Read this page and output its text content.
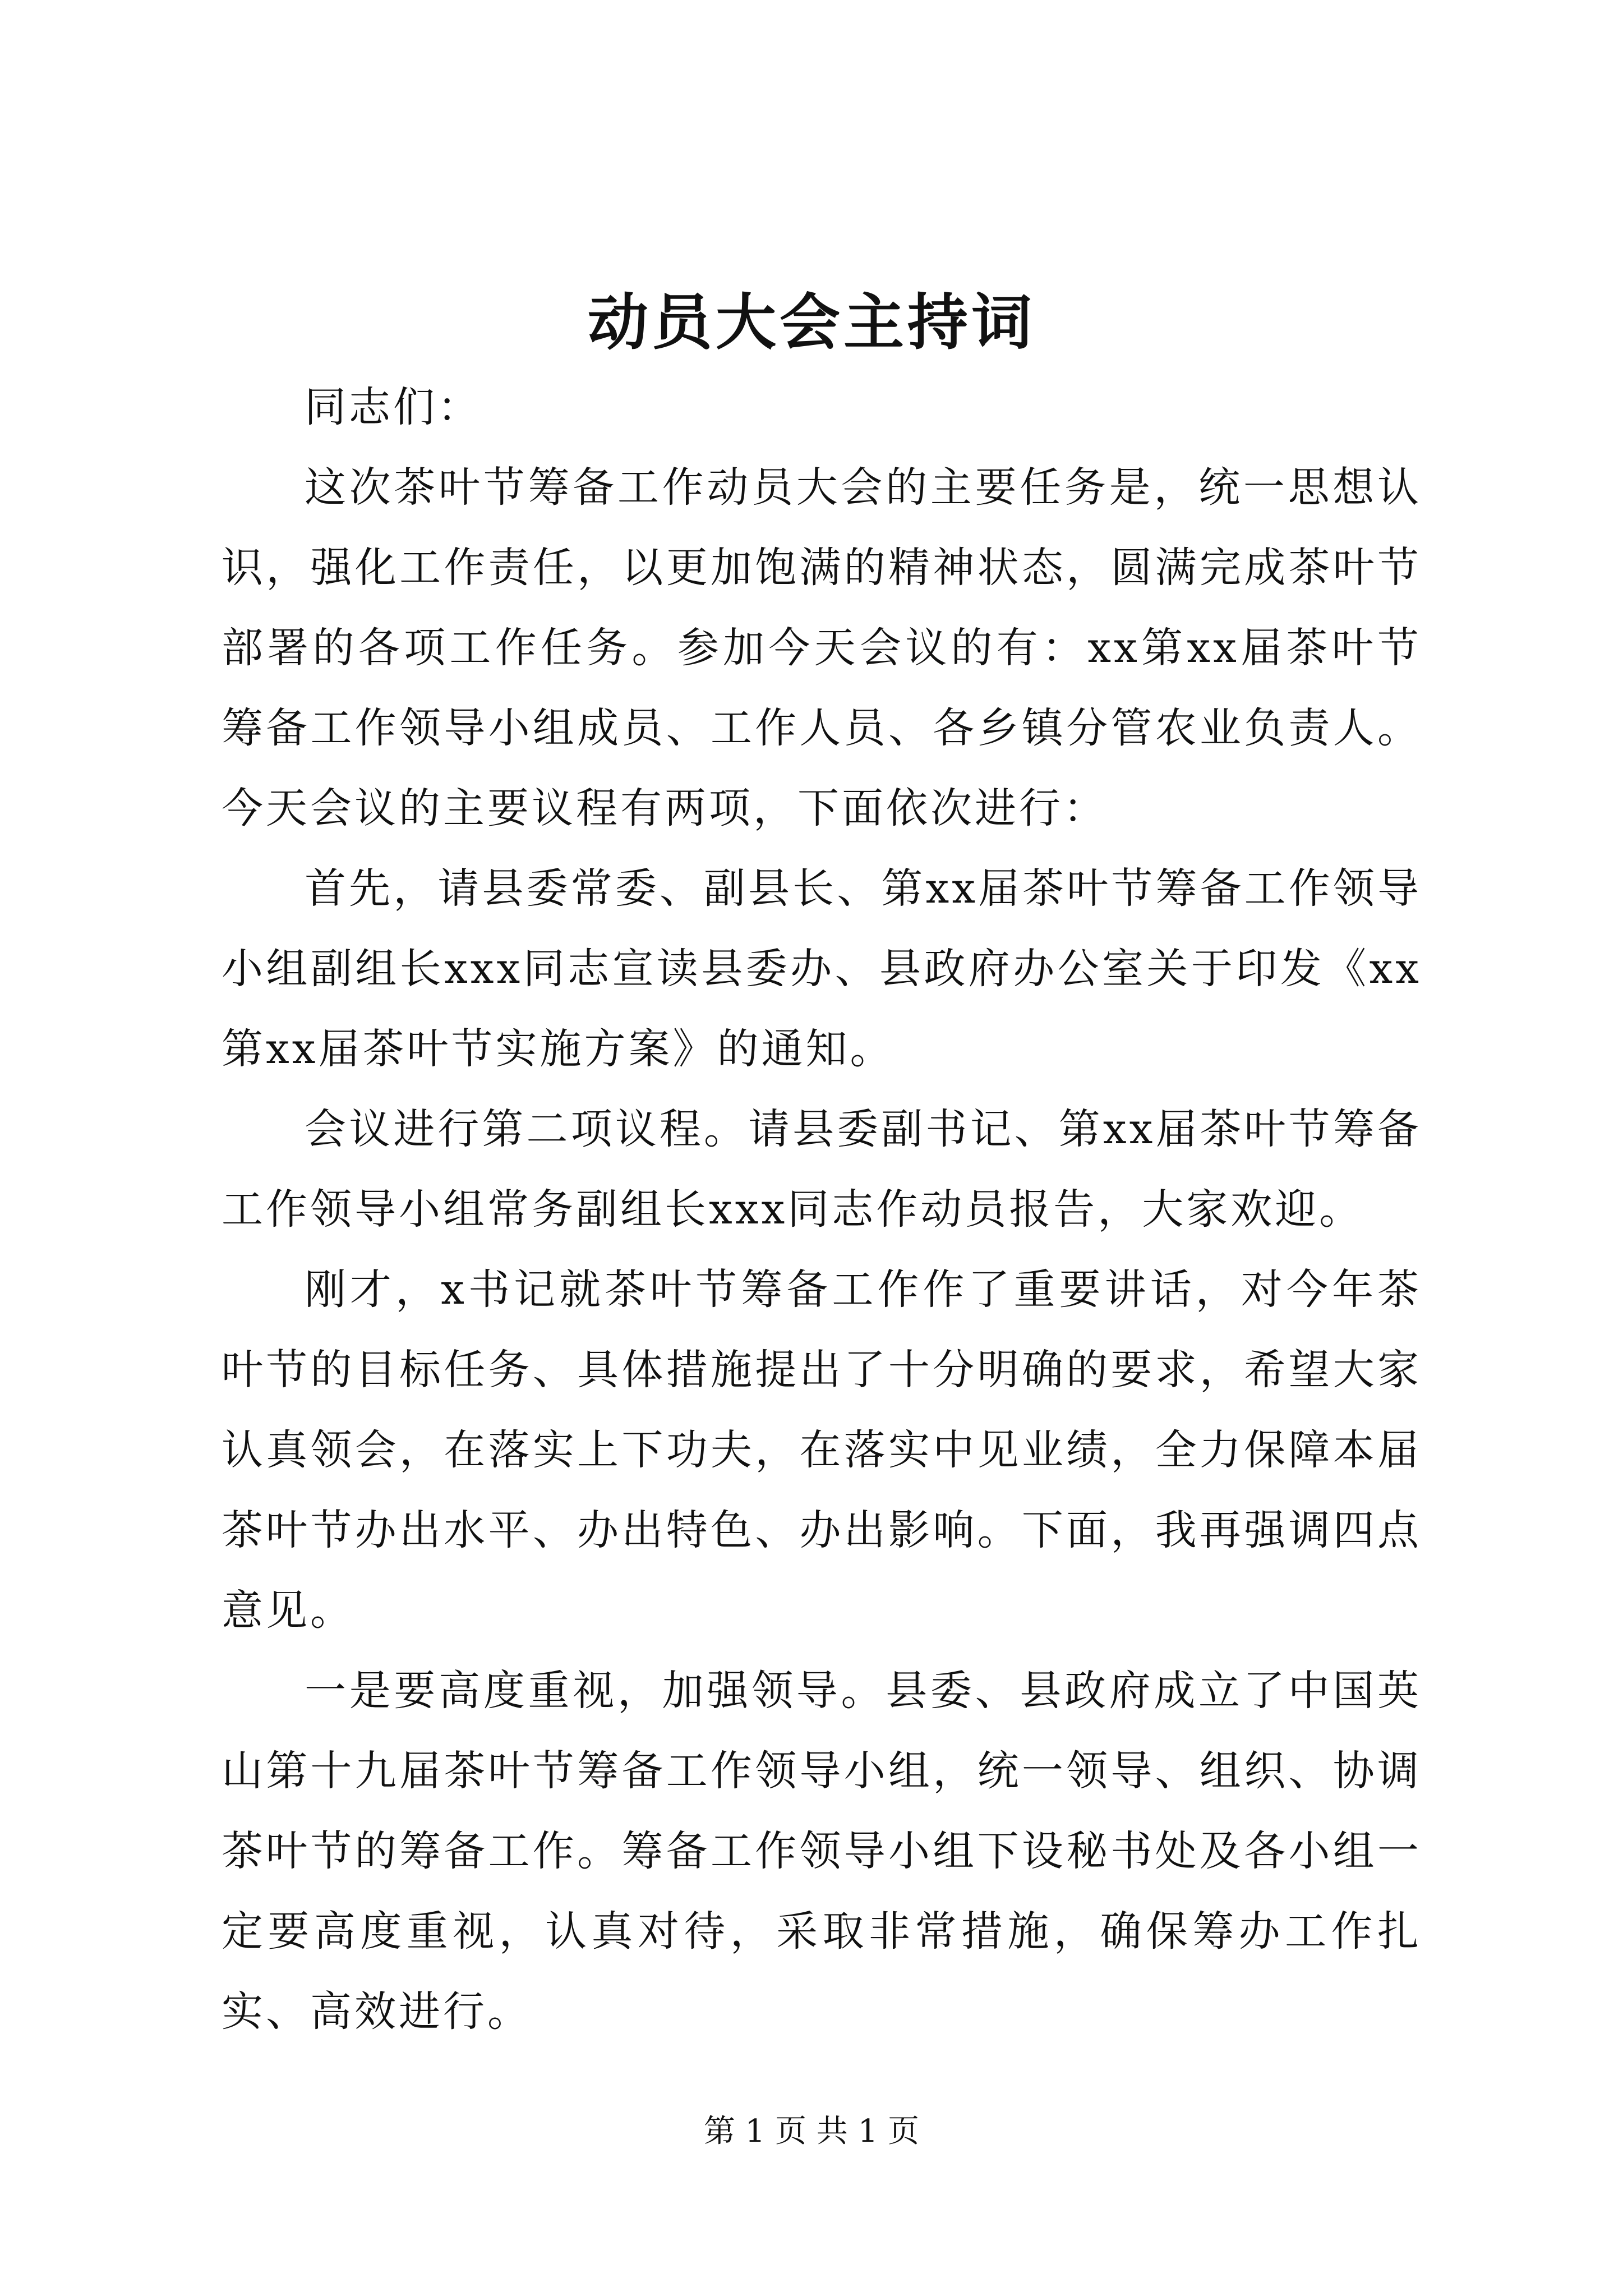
动员大会主持词

同志们：

这次茶叶节筹备工作动员大会的主要任务是，统一思想认识，强化工作责任，以更加饱满的精神状态，圆满完成茶叶节部署的各项工作任务。参加今天会议的有：xx第xx届茶叶节筹备工作领导小组成员、工作人员、各乡镇分管农业负责人。今天会议的主要议程有两项，下面依次进行：

首先，请县委常委、副县长、第xx届茶叶节筹备工作领导小组副组长xxx同志宣读县委办、县政府办公室关于印发《xx第xx届茶叶节实施方案》的通知。

会议进行第二项议程。请县委副书记、第xx届茶叶节筹备工作领导小组常务副组长xxx同志作动员报告，大家欢迎。

刚才，x书记就茶叶节筹备工作作了重要讲话，对今年茶叶节的目标任务、具体措施提出了十分明确的要求，希望大家认真领会，在落实上下功夫，在落实中见业绩，全力保障本届茶叶节办出水平、办出特色、办出影响。下面，我再强调四点意见。

一是要高度重视，加强领导。县委、县政府成立了中国英山第十九届茶叶节筹备工作领导小组，统一领导、组织、协调茶叶节的筹备工作。筹备工作领导小组下设秘书处及各小组一定要高度重视，认真对待，采取非常措施，确保筹办工作扎实、高效进行。

第 1 页 共 1 页
